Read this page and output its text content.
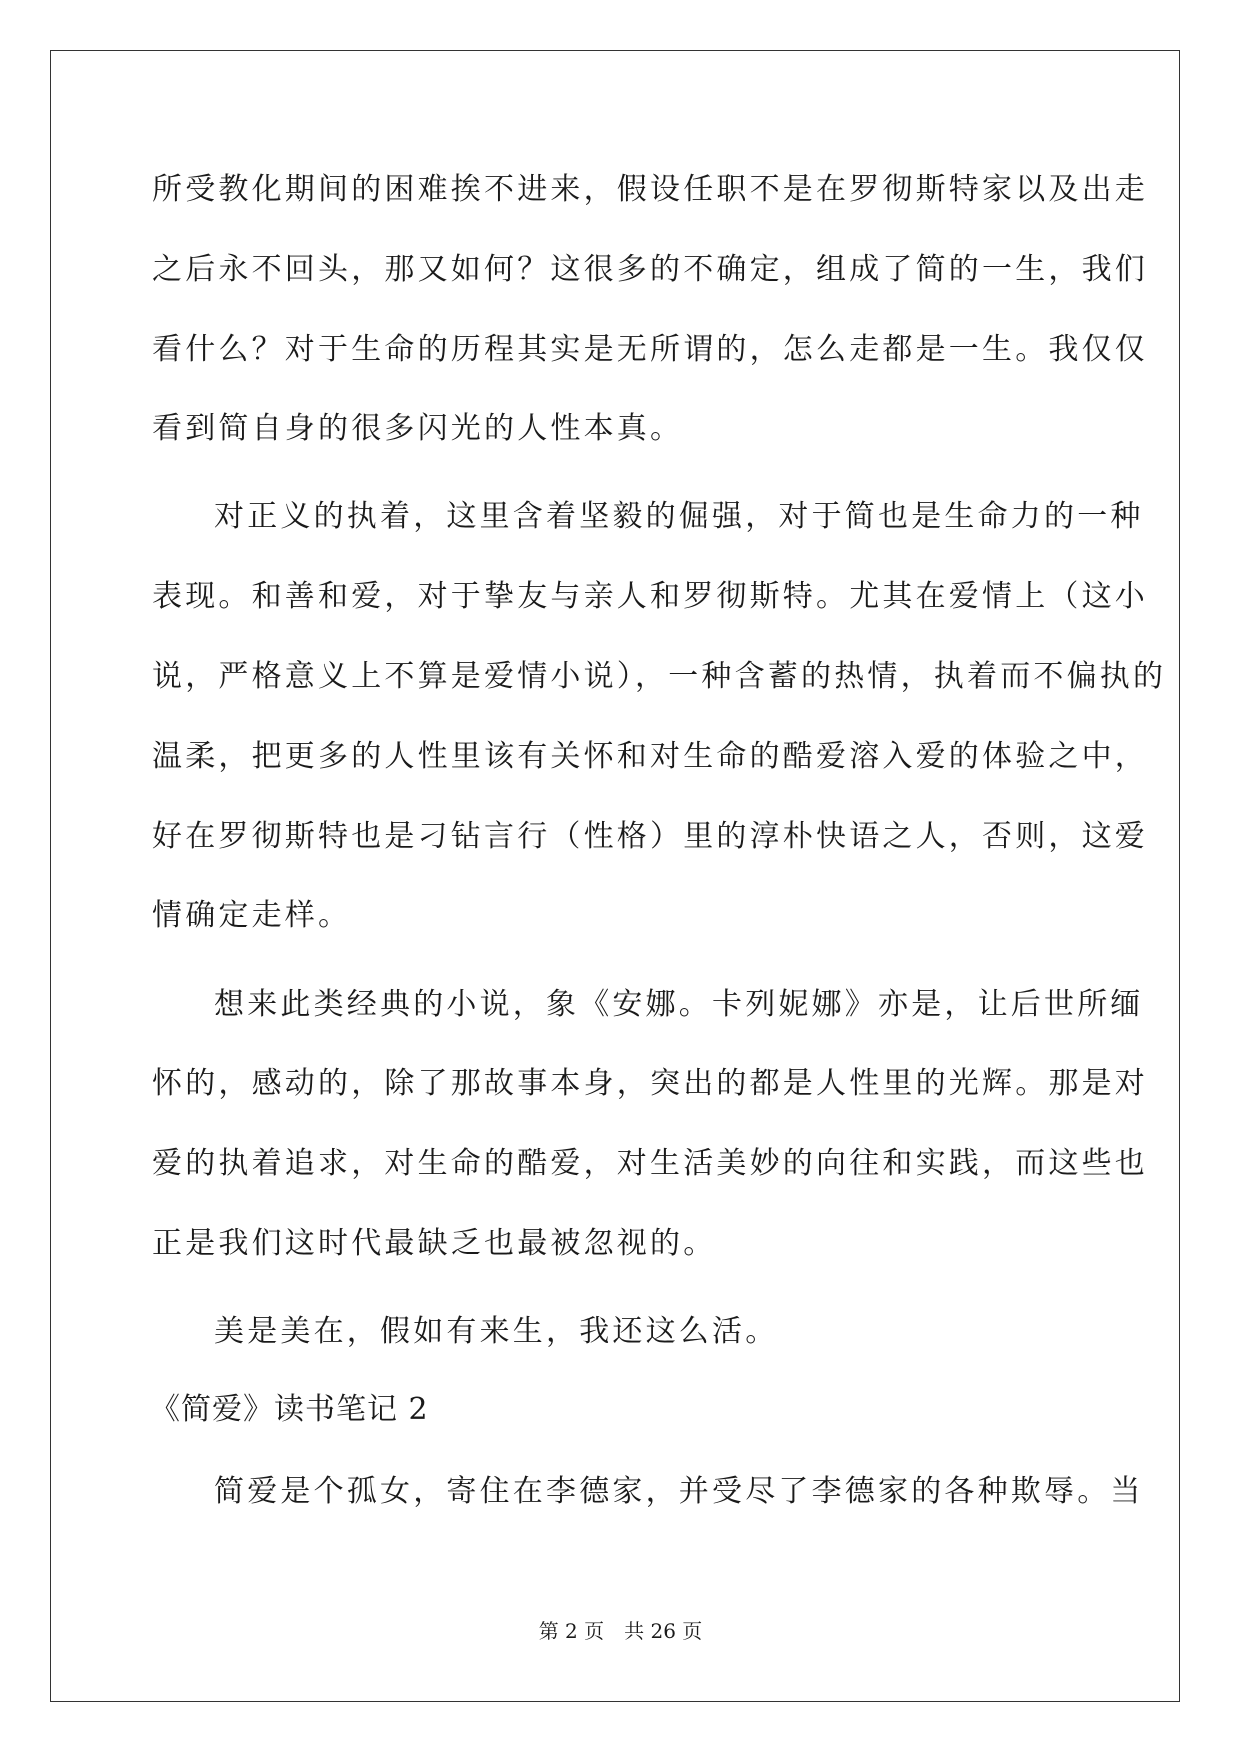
所受教化期间的困难挨不进来，假设任职不是在罗彻斯特家以及出走
之后永不回头，那又如何？这很多的不确定，组成了简的一生，我们
看什么？对于生命的历程其实是无所谓的，怎么走都是一生。我仅仅
看到简自身的很多闪光的人性本真。
对正义的执着，这里含着坚毅的倔强，对于简也是生命力的一种
表现。和善和爱，对于挚友与亲人和罗彻斯特。尤其在爱情上（这小
说，严格意义上不算是爱情小说），一种含蓄的热情，执着而不偏执的
温柔，把更多的人性里该有关怀和对生命的酷爱溶入爱的体验之中，
好在罗彻斯特也是刁钻言行（性格）里的淳朴快语之人，否则，这爱
情确定走样。
想来此类经典的小说，象《安娜。卡列妮娜》亦是，让后世所缅
怀的，感动的，除了那故事本身，突出的都是人性里的光辉。那是对
爱的执着追求，对生命的酷爱，对生活美妙的向往和实践，而这些也
正是我们这时代最缺乏也最被忽视的。
美是美在，假如有来生，我还这么活。
《简爱》读书笔记 2
简爱是个孤女，寄住在李德家，并受尽了李德家的各种欺辱。当
第 2 页 共 26 页
